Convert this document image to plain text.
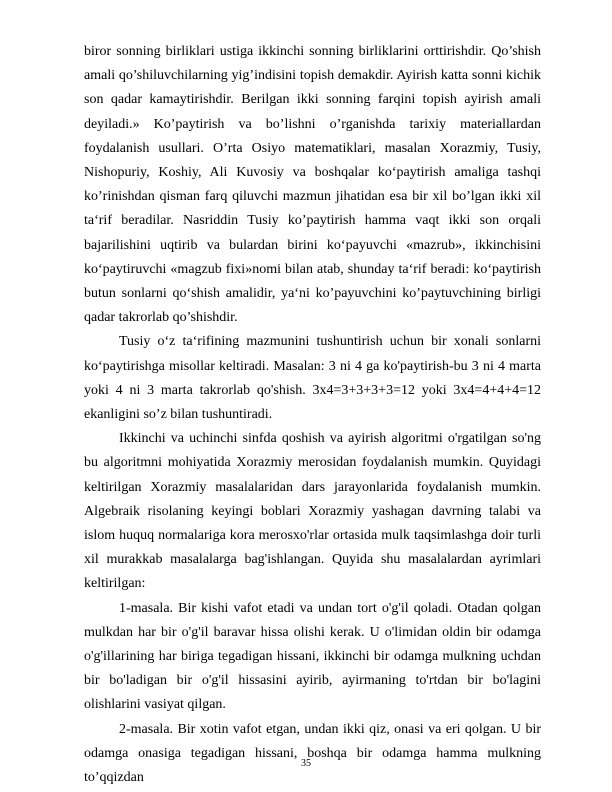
biror sonning birliklari ustiga ikkinchi sonning birliklarini orttirishdir. Qo’shish amali qo’shiluvchilarning yig’indisini topish demakdir. Ayirish katta sonni kichik son qadar kamaytirishdir. Berilgan ikki sonning farqini topish ayirish amali deyiladi.» Ko’paytirish va bo’lishni o’rganishda tarixiy materiallardan foydalanish usullari. O’rta Osiyo matematiklari, masalan Xorazmiy, Tusiy, Nishopuriy, Koshiy, Ali Kuvosiy va boshqalar ko‘paytirish amaliga tashqi ko’rinishdan qisman farq qiluvchi mazmun jihatidan esa bir xil bo’lgan ikki xil ta‘rif beradilar. Nasriddin Tusiy ko’paytirish hamma vaqt ikki son orqali bajarilishini uqtirib va bulardan birini ko‘payuvchi «mazrub», ikkinchisini ko‘paytiruvchi «magzub fixi»nomi bilan atab, shunday ta‘rif beradi: ko‘paytirish butun sonlarni qo‘shish amalidir, ya‘ni ko’payuvchini ko’paytuvchining birligi qadar takrorlab qo’shishdir.

Tusiy o‘z ta‘rifining mazmunini tushuntirish uchun bir xonali sonlarni ko‘paytirishga misollar keltiradi. Masalan: 3 ni 4 ga ko'paytirish-bu 3 ni 4 marta yoki 4 ni 3 marta takrorlab qo'shish. 3x4=3+3+3+3=12 yoki 3x4=4+4+4=12 ekanligini so’z bilan tushuntiradi.

Ikkinchi va uchinchi sinfda qoshish va ayirish algoritmi o'rgatilgan so'ng bu algoritmni mohiyatida Xorazmiy merosidan foydalanish mumkin. Quyidagi keltirilgan Xorazmiy masalalaridan dars jarayonlarida foydalanish mumkin. Algebraik risolaning keyingi boblari Xorazmiy yashagan davrning talabi va islom huquq normalariga kora merosxo'rlar ortasida mulk taqsimlashga doir turli xil murakkab masalalarga bag'ishlangan. Quyida shu masalalardan ayrimlari keltirilgan:

1-masala. Bir kishi vafot etadi va undan tort o'g'il qoladi. Otadan qolgan mulkdan har bir o'g'il baravar hissa olishi kerak. U o'limidan oldin bir odamga o'g'illarining har biriga tegadigan hissani, ikkinchi bir odamga mulkning uchdan bir bo'ladigan bir o'g'il hissasini ayirib, ayirmaning to'rtdan bir bo'lagini olishlarini vasiyat qilgan.

2-masala. Bir xotin vafot etgan, undan ikki qiz, onasi va eri qolgan. U bir odamga onasiga tegadigan hissani, boshqa bir odamga hamma mulkning to’qqizdan

35
